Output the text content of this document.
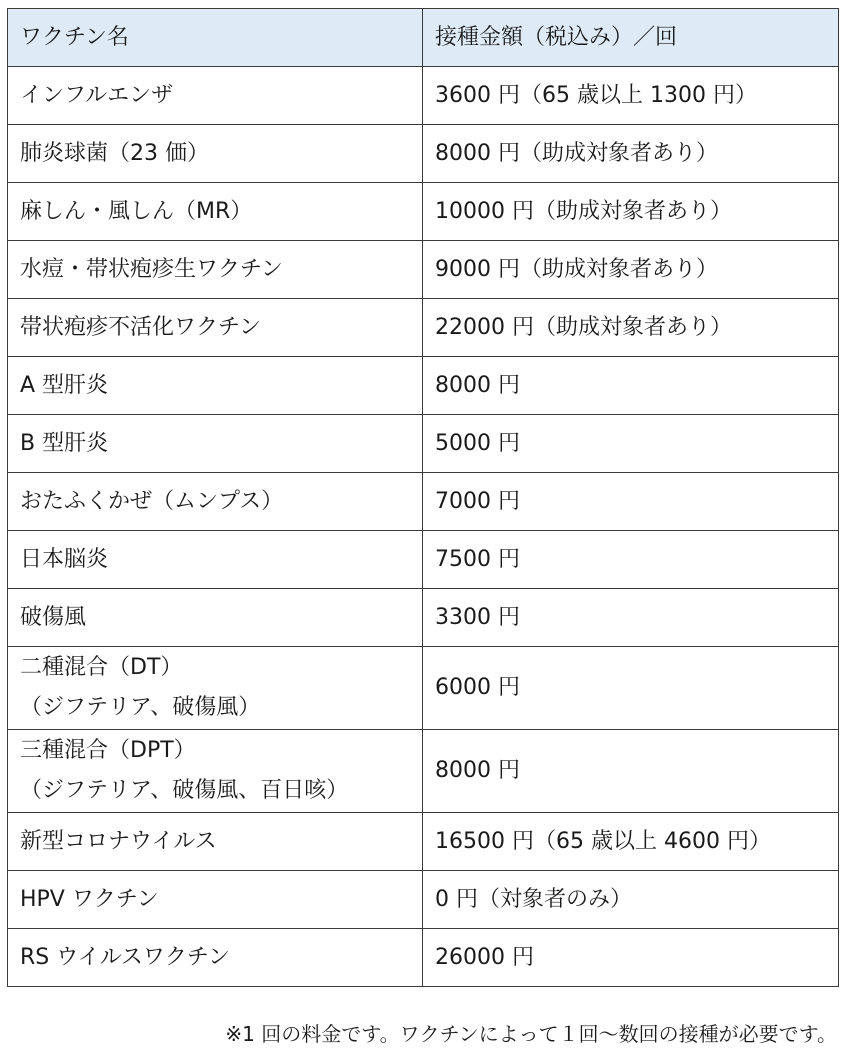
ワクチン名	接種金額（税込み）／回

インフルエンザ	3600 円（65 歳以上 1300 円）

肺炎球菌（23 価）	8000 円（助成対象者あり）

麻しん・風しん（MR）	10000 円（助成対象者あり）

水痘・帯状疱疹生ワクチン	9000 円（助成対象者あり）

帯状疱疹不活化ワクチン	22000 円（助成対象者あり）

A 型肝炎	8000 円

B 型肝炎	5000 円

おたふくかぜ（ムンプス）	7000 円

日本脳炎	7500 円

破傷風	3300 円

二種混合（DT）
（ジフテリア、破傷風）	6000 円

三種混合（DPT）
（ジフテリア、破傷風、百日咳）	8000 円

新型コロナウイルス	16500 円（65 歳以上 4600 円）

HPV ワクチン	0 円（対象者のみ）

RS ウイルスワクチン	26000 円
※1 回の料金です。ワクチンによって１回～数回の接種が必要です。
